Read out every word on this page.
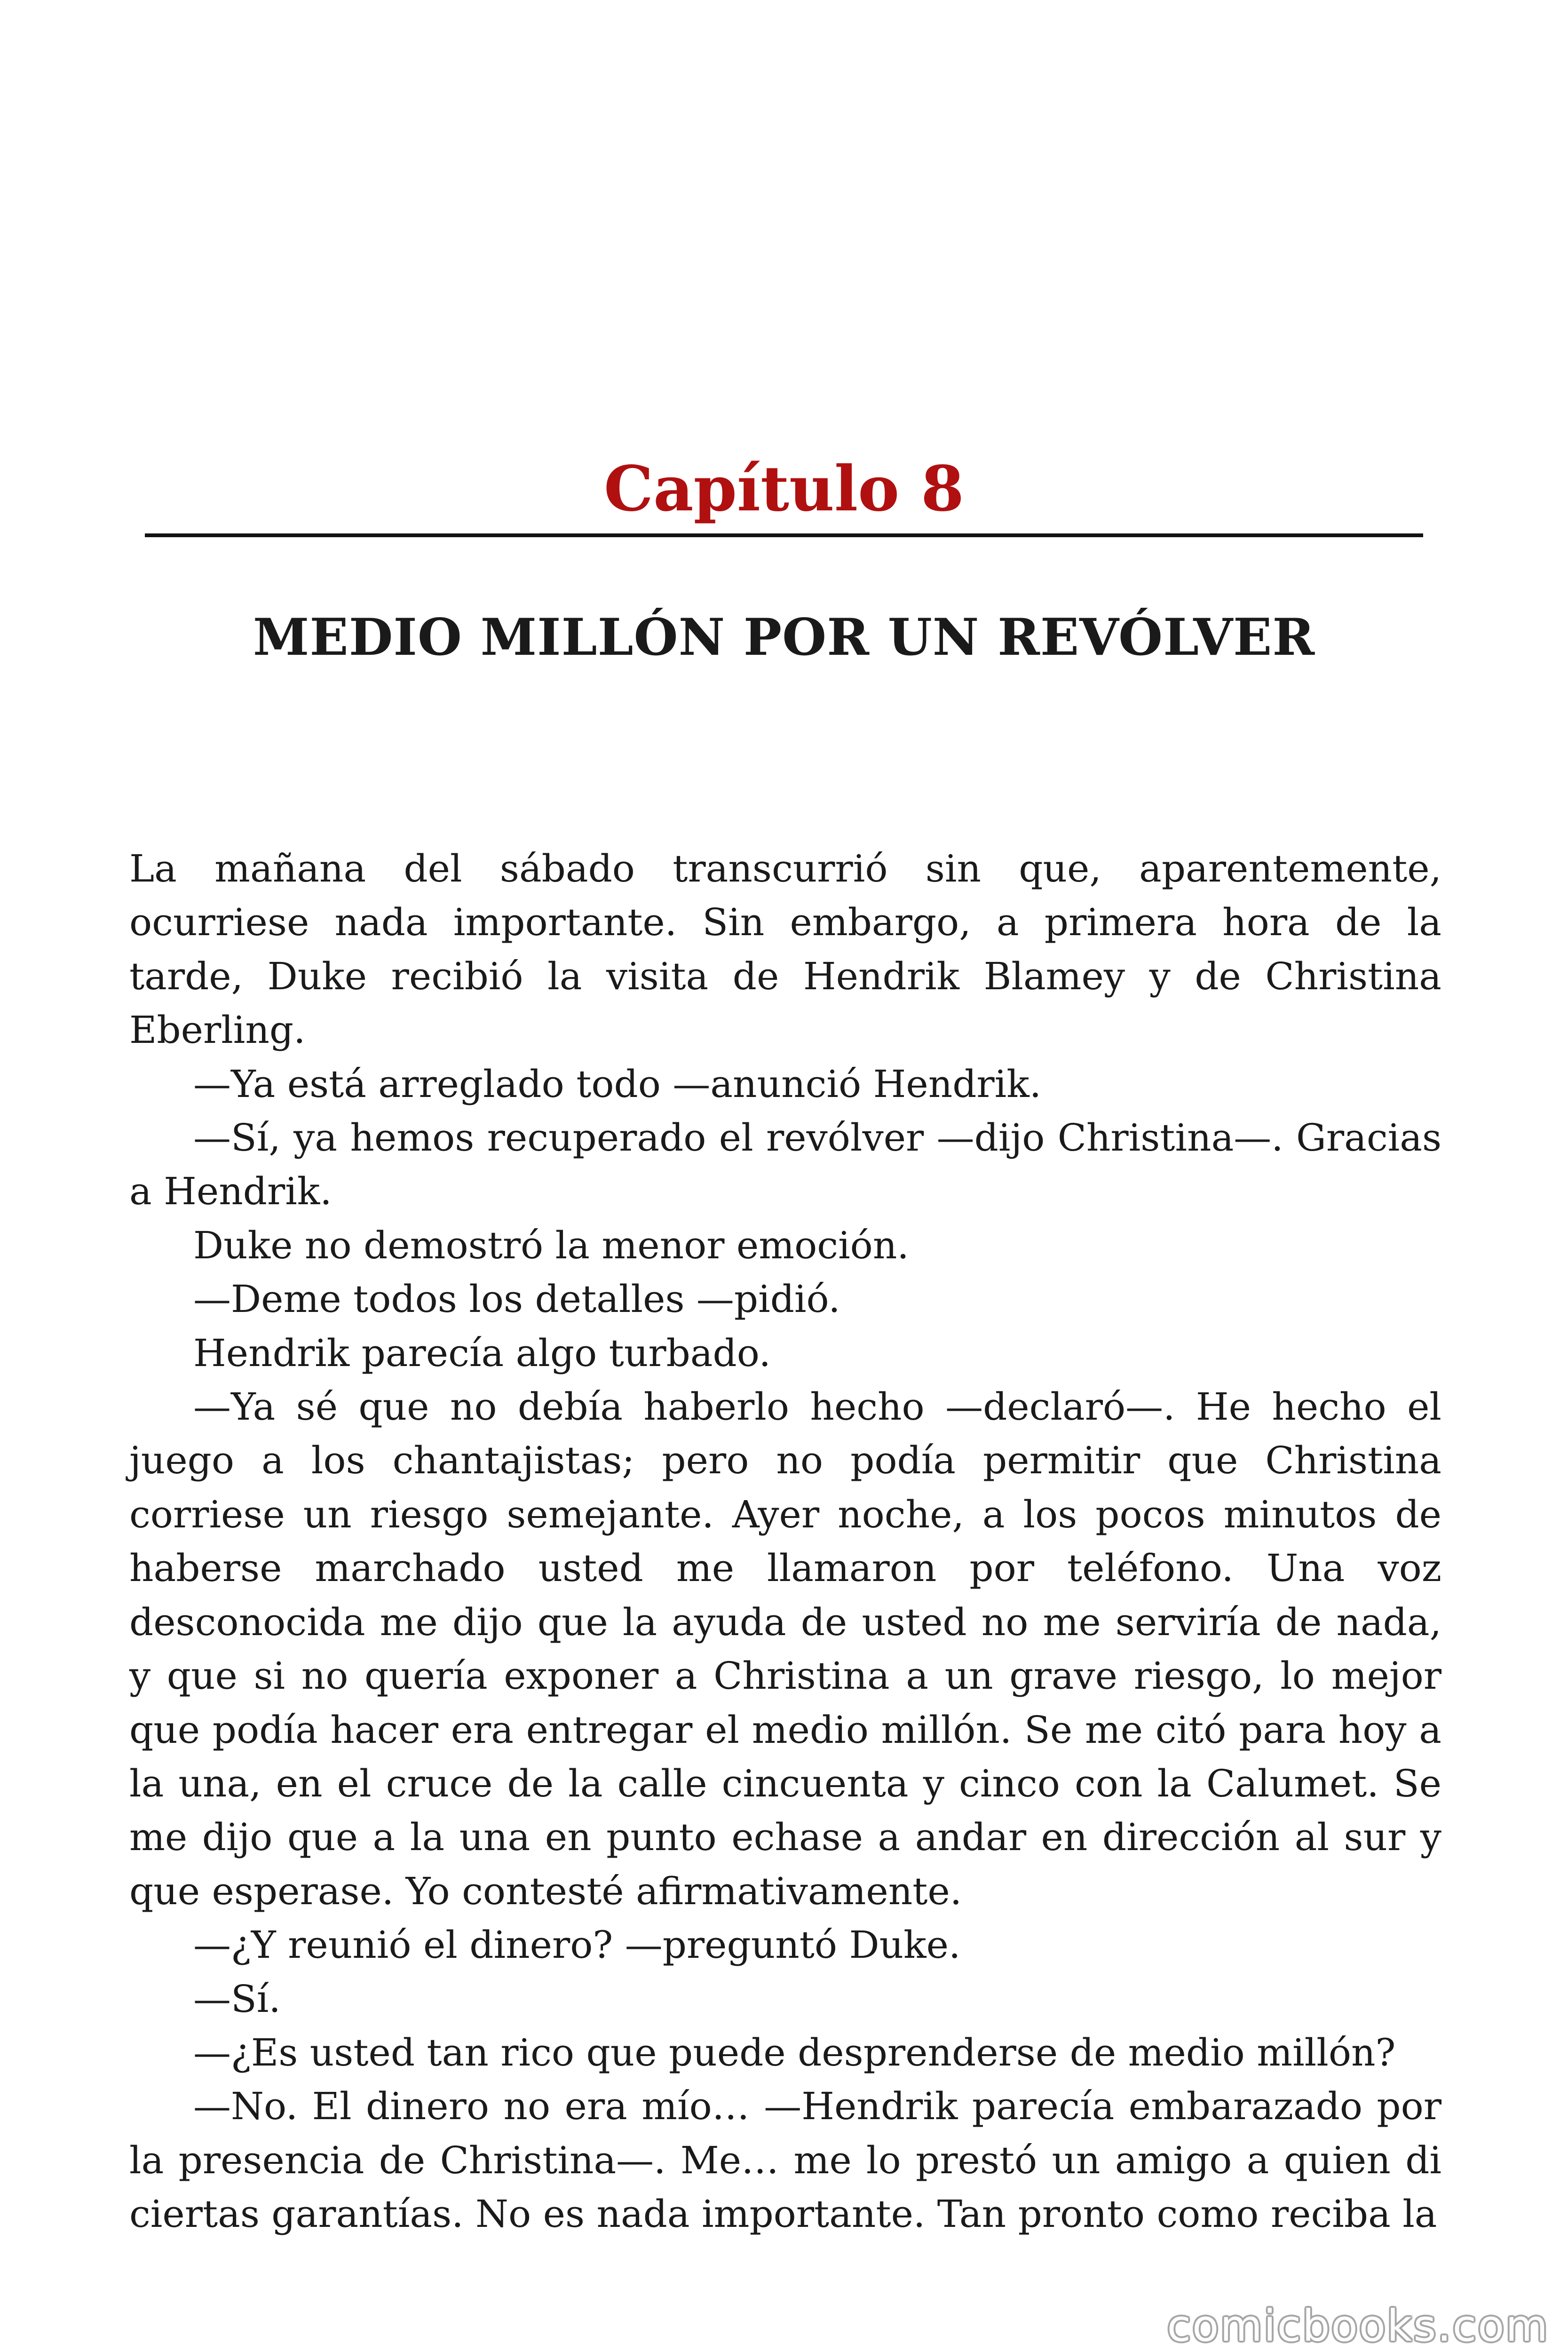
Capítulo 8
MEDIO MILLÓN POR UN REVÓLVER

La mañana del sábado transcurrió sin que, aparentemente, ocurriese nada importante. Sin embargo, a primera hora de la tarde, Duke recibió la visita de Hendrik Blamey y de Christina Eberling.

—Ya está arreglado todo —anunció Hendrik.

—Sí, ya hemos recuperado el revólver —dijo Christina—. Gracias a Hendrik.

Duke no demostró la menor emoción.

—Deme todos los detalles —pidió.

Hendrik parecía algo turbado.

—Ya sé que no debía haberlo hecho —declaró—. He hecho el juego a los chantajistas; pero no podía permitir que Christina corriese un riesgo semejante. Ayer noche, a los pocos minutos de haberse marchado usted me llamaron por teléfono. Una voz desconocida me dijo que la ayuda de usted no me serviría de nada, y que si no quería exponer a Christina a un grave riesgo, lo mejor que podía hacer era entregar el medio millón. Se me citó para hoy a la una, en el cruce de la calle cincuenta y cinco con la Calumet. Se me dijo que a la una en punto echase a andar en dirección al sur y que esperase. Yo contesté afirmativamente.

—¿Y reunió el dinero? —preguntó Duke.

—Sí.

—¿Es usted tan rico que puede desprenderse de medio millón?

—No. El dinero no era mío… —Hendrik parecía embarazado por la presencia de Christina—. Me… me lo prestó un amigo a quien di ciertas garantías. No es nada importante. Tan pronto como reciba la

comicbooks.com
